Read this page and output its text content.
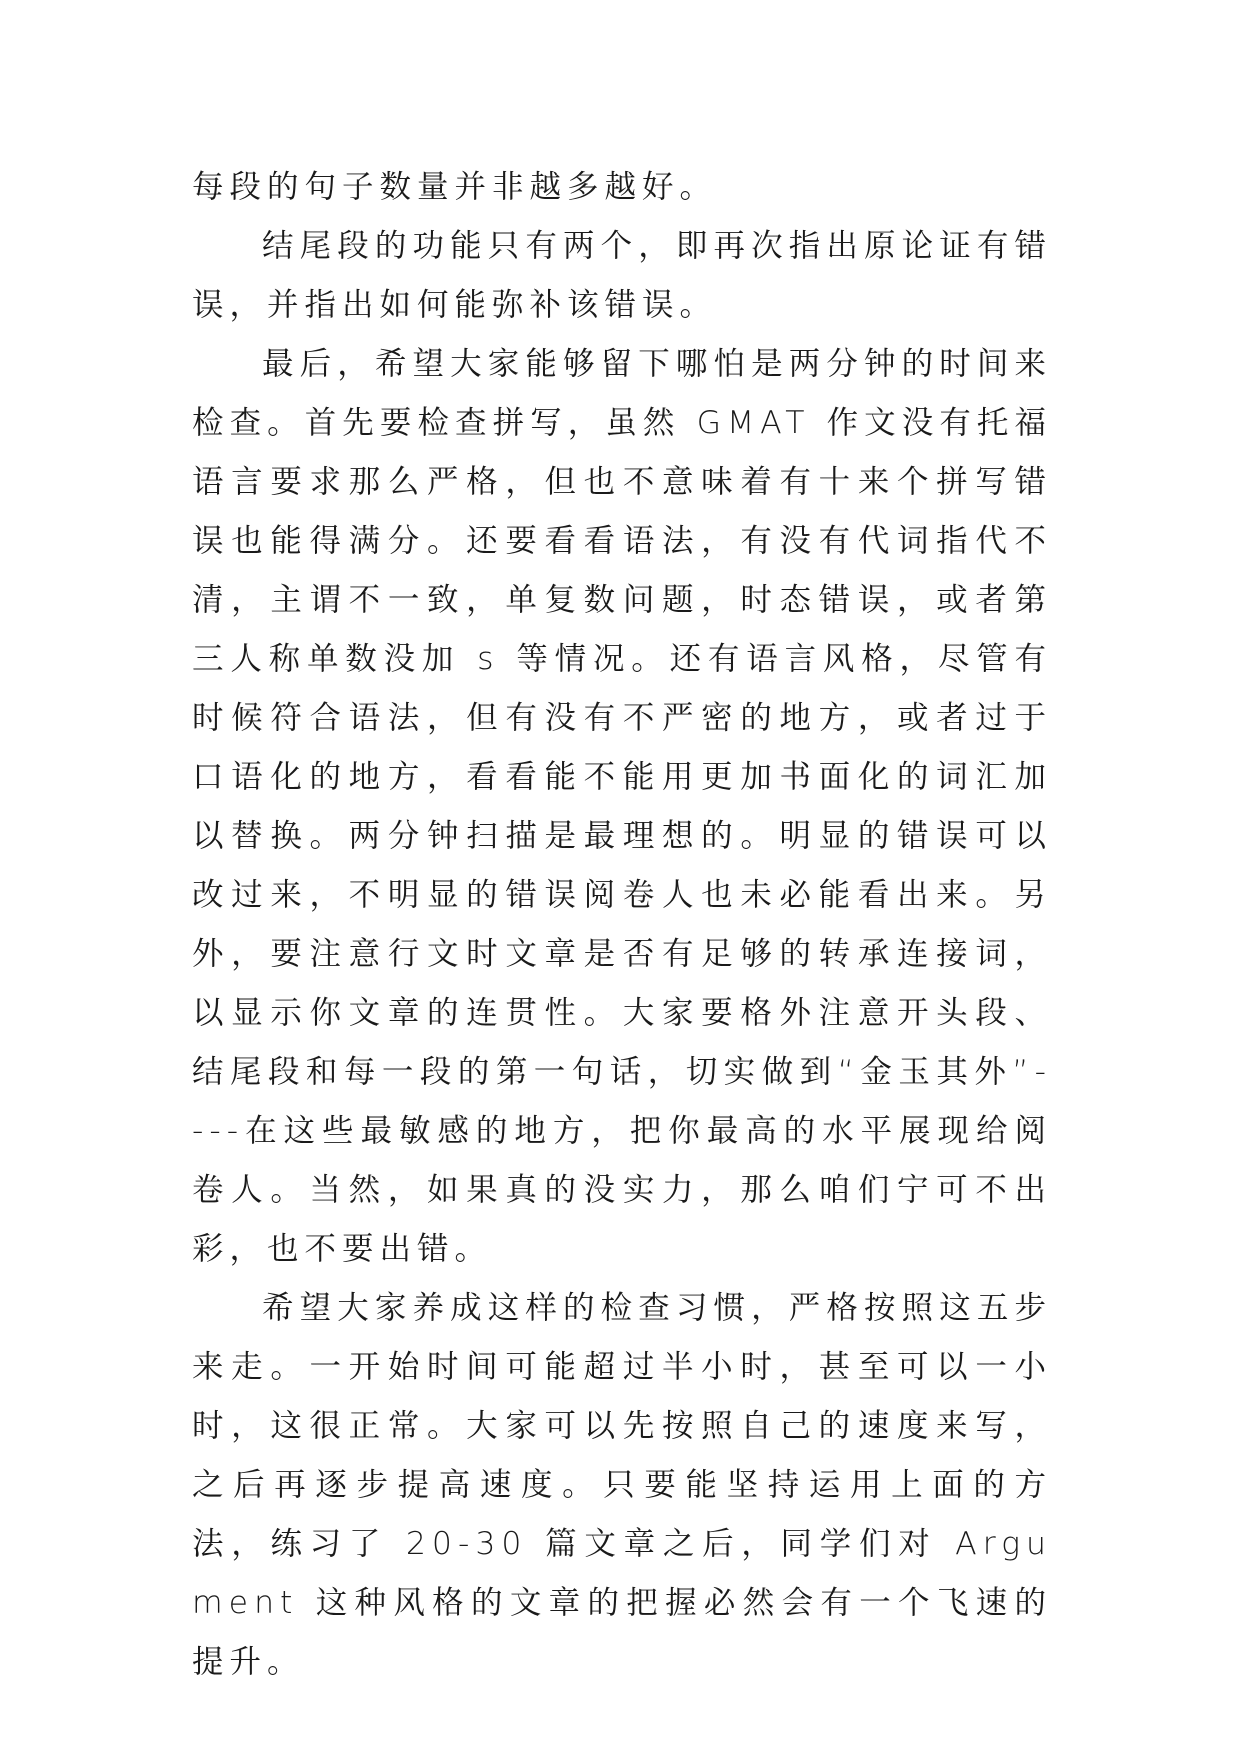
每段的句子数量并非越多越好。

结尾段的功能只有两个，即再次指出原论证有错误，并指出如何能弥补该错误。

最后，希望大家能够留下哪怕是两分钟的时间来检查。首先要检查拼写，虽然 GMAT 作文没有托福语言要求那么严格，但也不意味着有十来个拼写错误也能得满分。还要看看语法，有没有代词指代不清，主谓不一致，单复数问题，时态错误，或者第三人称单数没加 s 等情况。还有语言风格，尽管有时候符合语法，但有没有不严密的地方，或者过于口语化的地方，看看能不能用更加书面化的词汇加以替换。两分钟扫描是最理想的。明显的错误可以改过来，不明显的错误阅卷人也未必能看出来。另外，要注意行文时文章是否有足够的转承连接词，以显示你文章的连贯性。大家要格外注意开头段、结尾段和每一段的第一句话，切实做到“金玉其外”----在这些最敏感的地方，把你最高的水平展现给阅卷人。当然，如果真的没实力，那么咱们宁可不出彩，也不要出错。

希望大家养成这样的检查习惯，严格按照这五步来走。一开始时间可能超过半小时，甚至可以一小时，这很正常。大家可以先按照自己的速度来写，之后再逐步提高速度。只要能坚持运用上面的方法，练习了 20-30 篇文章之后，同学们对 Argument 这种风格的文章的把握必然会有一个飞速的提升。
